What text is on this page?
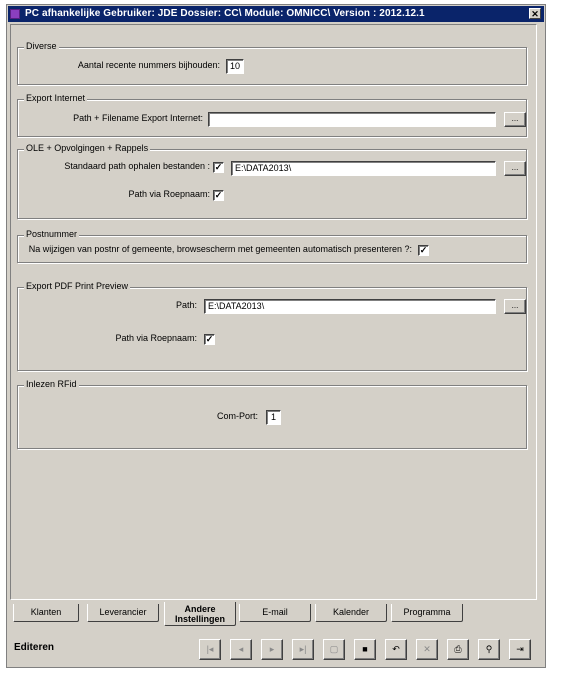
PC afhankelijke Gebruiker: JDE Dossier: CC\ Module: OMNICC\ Version : 2012.12.1	✕
Diverse
Aantal recente nummers bijhouden:	10
Export Internet
Path + Filename Export Internet:	...
OLE + Opvolgingen + Rappels
Standaard path ophalen bestanden : ✓	E:\DATA2013\	...
Path via Roepnaam: ✓
Postnummer
Na wijzigen van postnr of gemeente, browsescherm met gemeenten automatisch presenteren ?: ✓
Export PDF Print Preview
Path:	E:\DATA2013\	...
Path via Roepnaam: ✓
Inlezen RFid
Com-Port:	1
Klanten	Leverancier	Andere
Instellingen
E-mail	Kalender	Programma
Editeren	|◂	◂	▸	▸|	▢	■	↶	✕	⎙	⚲	⇥
